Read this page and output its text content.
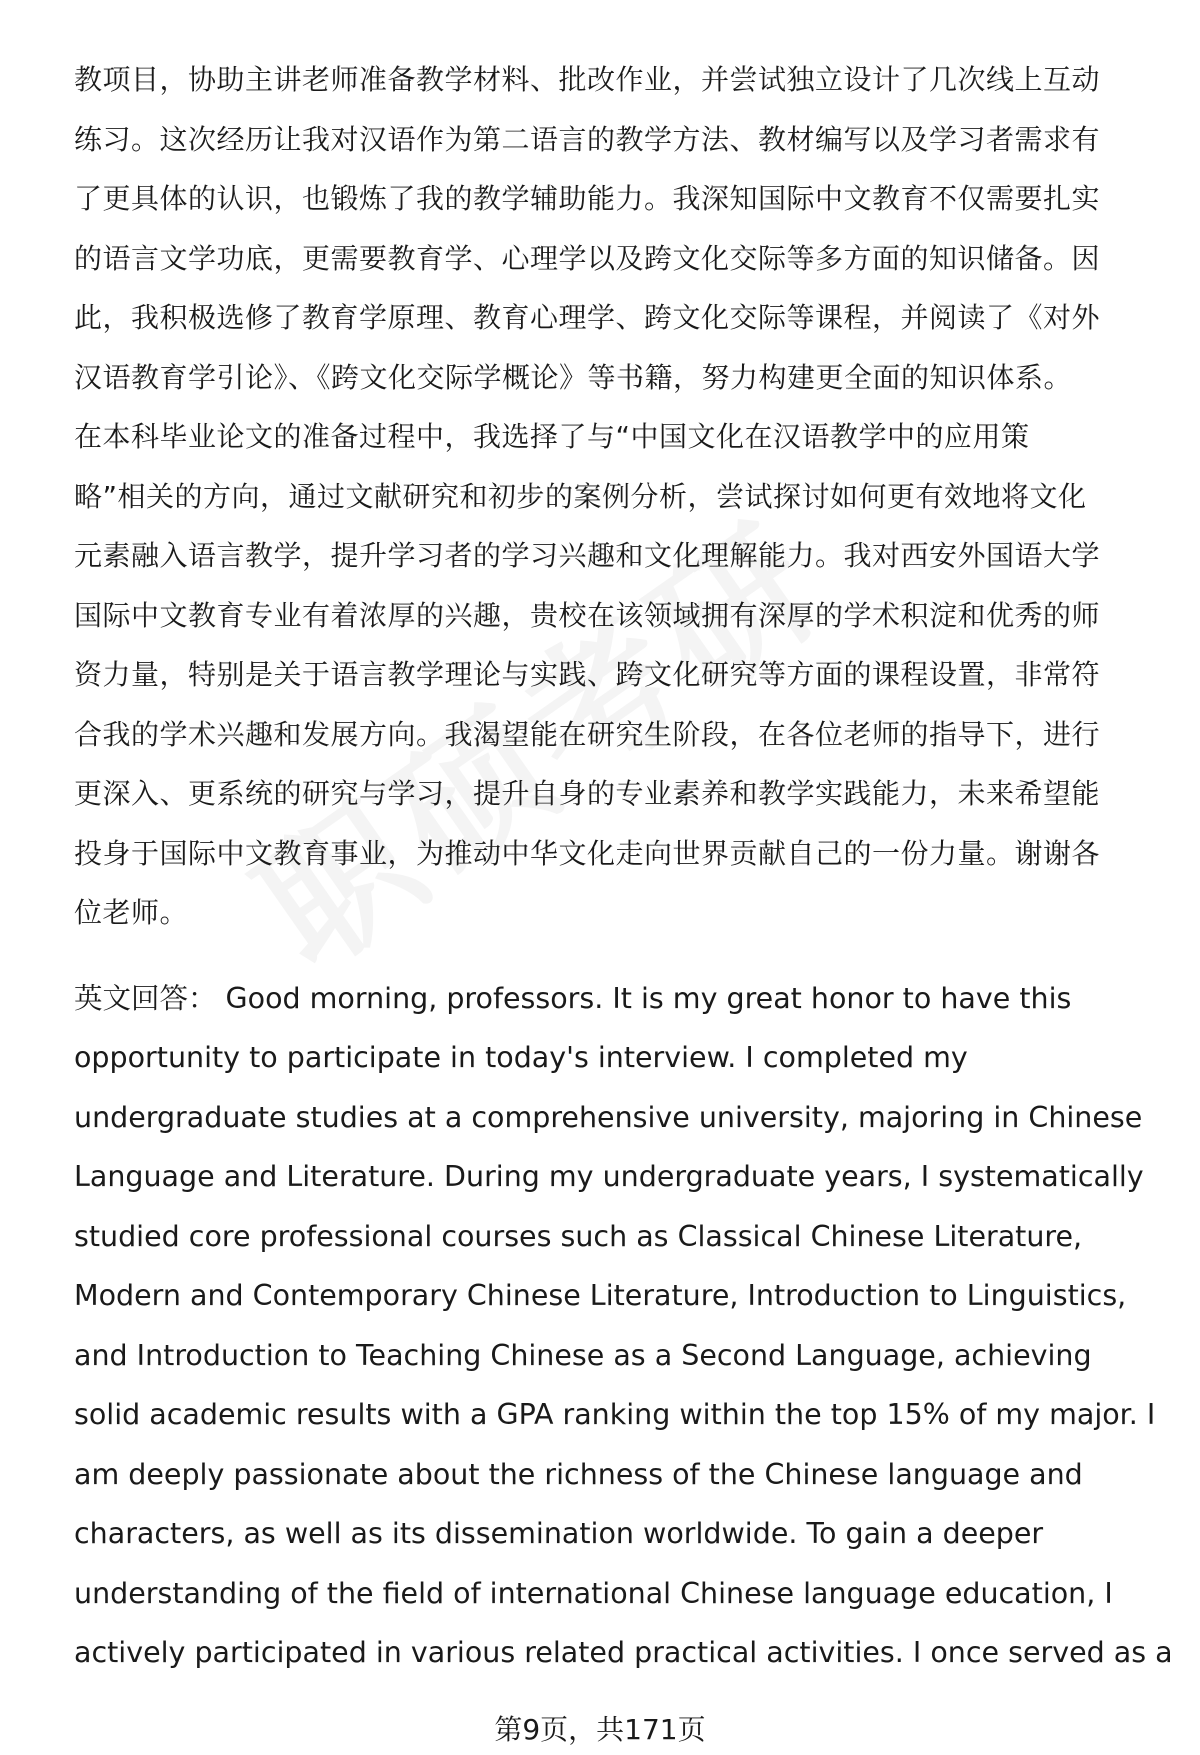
教项目，协助主讲老师准备教学材料、批改作业，并尝试独立设计了几次线上互动
练习。这次经历让我对汉语作为第二语言的教学方法、教材编写以及学习者需求有
了更具体的认识，也锻炼了我的教学辅助能力。我深知国际中文教育不仅需要扎实
的语言文学功底，更需要教育学、心理学以及跨文化交际等多方面的知识储备。因
此，我积极选修了教育学原理、教育心理学、跨文化交际等课程，并阅读了《对外
汉语教育学引论》、《跨文化交际学概论》等书籍，努力构建更全面的知识体系。
在本科毕业论文的准备过程中，我选择了与“中国文化在汉语教学中的应用策
略”相关的方向，通过文献研究和初步的案例分析，尝试探讨如何更有效地将文化
元素融入语言教学，提升学习者的学习兴趣和文化理解能力。我对西安外国语大学
国际中文教育专业有着浓厚的兴趣，贵校在该领域拥有深厚的学术积淀和优秀的师
资力量，特别是关于语言教学理论与实践、跨文化研究等方面的课程设置，非常符
合我的学术兴趣和发展方向。我渴望能在研究生阶段，在各位老师的指导下，进行
更深入、更系统的研究与学习，提升自身的专业素养和教学实践能力，未来希望能
投身于国际中文教育事业，为推动中华文化走向世界贡献自己的一份力量。谢谢各
位老师。
英文回答： Good morning, professors. It is my great honor to have this
opportunity to participate in today's interview. I completed my
undergraduate studies at a comprehensive university, majoring in Chinese
Language and Literature. During my undergraduate years, I systematically
studied core professional courses such as Classical Chinese Literature,
Modern and Contemporary Chinese Literature, Introduction to Linguistics,
and Introduction to Teaching Chinese as a Second Language, achieving
solid academic results with a GPA ranking within the top 15% of my major. I
am deeply passionate about the richness of the Chinese language and
characters, as well as its dissemination worldwide. To gain a deeper
understanding of the field of international Chinese language education, I
actively participated in various related practical activities. I once served as a
第9页，共171页
